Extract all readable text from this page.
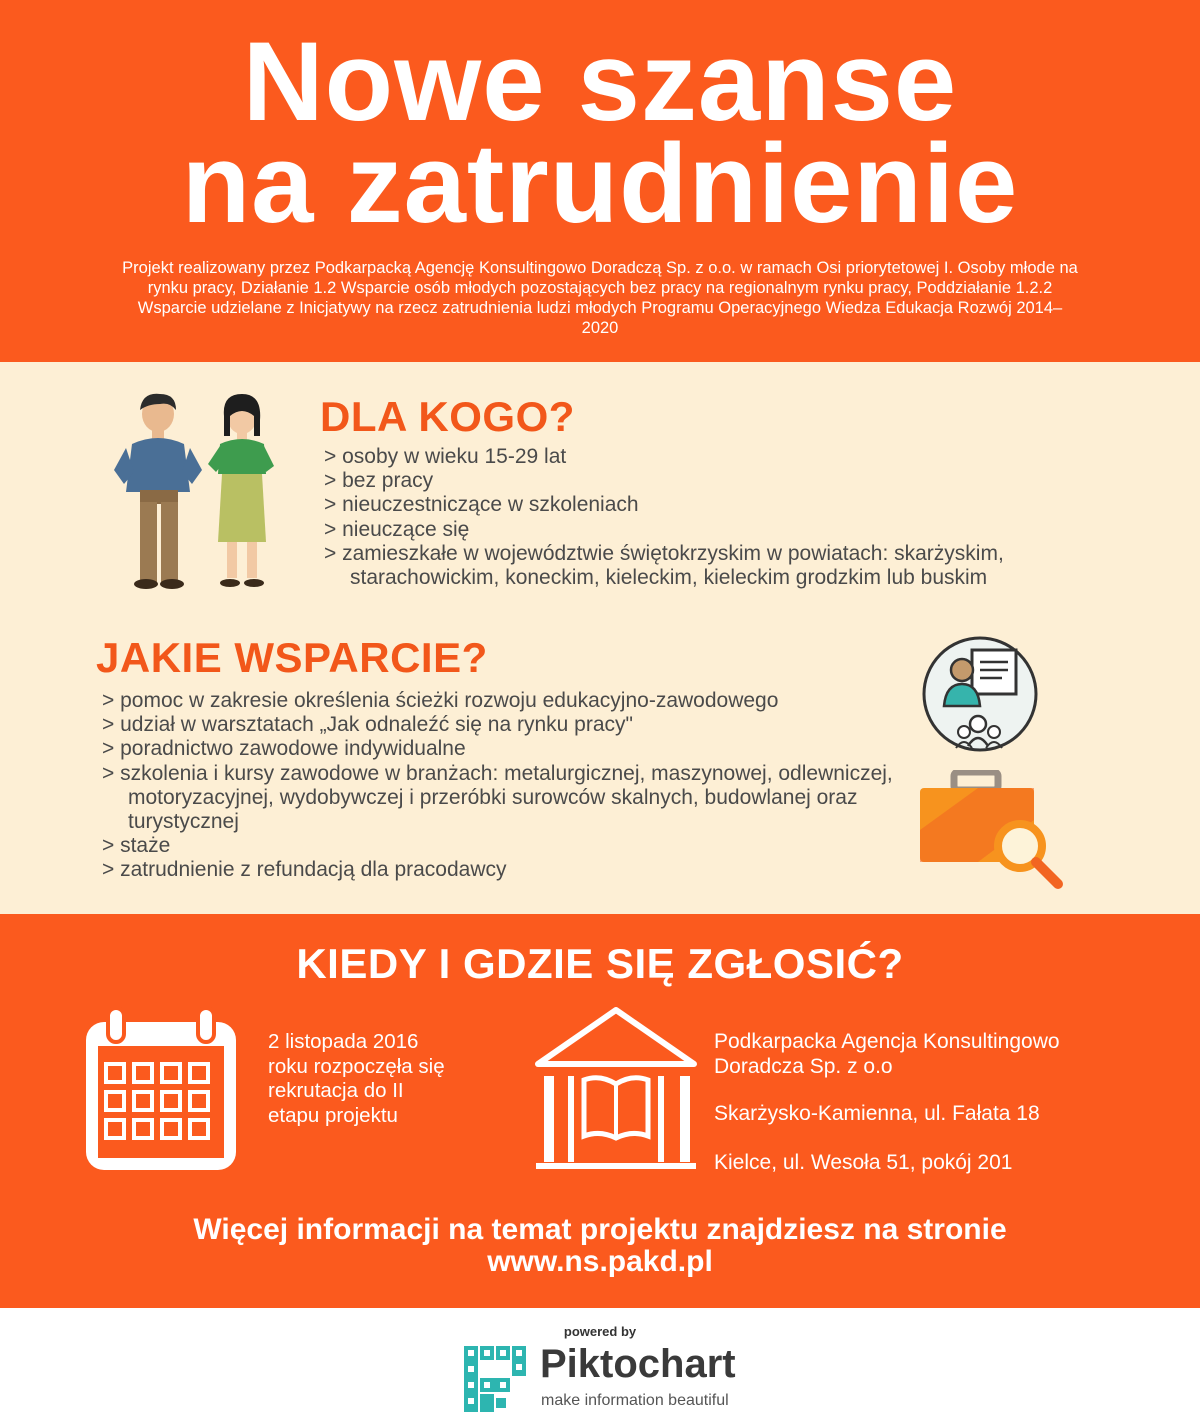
Nowe szanse
na zatrudnienie
Projekt realizowany przez Podkarpacką Agencję Konsultingowo Doradczą Sp. z o.o. w ramach Osi priorytetowej I. Osoby młode na rynku pracy, Działanie 1.2 Wsparcie osób młodych pozostających bez pracy na regionalnym rynku pracy, Poddziałanie 1.2.2 Wsparcie udzielane z Inicjatywy na rzecz zatrudnienia ludzi młodych Programu Operacyjnego Wiedza Edukacja Rozwój 2014–2020
DLA KOGO?
> osoby w wieku 15-29 lat
> bez pracy
> nieuczestniczące w szkoleniach
> nieuczące się
> zamieszkałe w województwie świętokrzyskim w powiatach: skarżyskim, starachowickim, koneckim, kieleckim, kieleckim grodzkim lub buskim
JAKIE WSPARCIE?
> pomoc w zakresie określenia ścieżki rozwoju edukacyjno-zawodowego
> udział w warsztatach „Jak odnaleźć się na rynku pracy"
> poradnictwo zawodowe indywidualne
> szkolenia i kursy zawodowe w branżach: metalurgicznej, maszynowej, odlewniczej, motoryzacyjnej, wydobywczej i przeróbki surowców skalnych, budowlanej oraz turystycznej
> staże
> zatrudnienie z refundacją dla pracodawcy
KIEDY I GDZIE SIĘ ZGŁOSIĆ?
2 listopada 2016 roku rozpoczęła się rekrutacja do II etapu projektu
Podkarpacka Agencja Konsultingowo Doradcza Sp. z o.o
Skarżysko-Kamienna, ul. Fałata 18
Kielce, ul. Wesoła 51, pokój 201
Więcej informacji na temat projektu znajdziesz na stronie
www.ns.pakd.pl
powered by
Piktochart
make information beautiful
